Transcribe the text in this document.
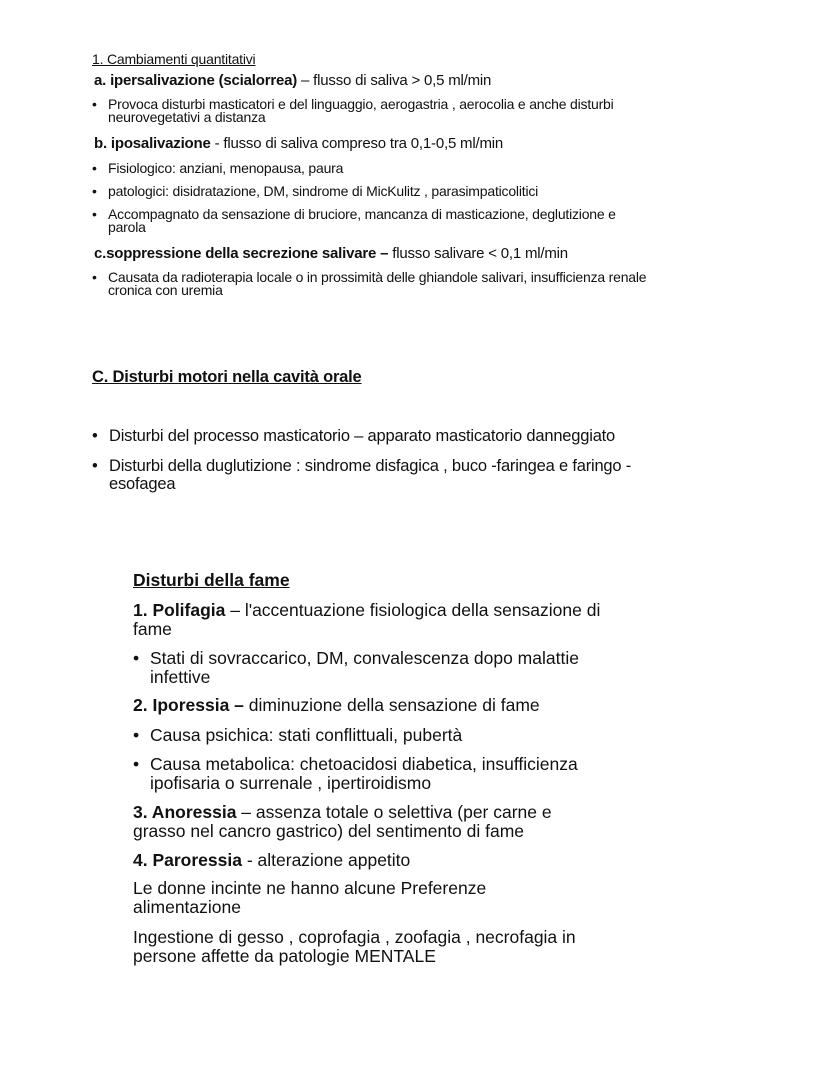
1. Cambiamenti quantitativi
a. ipersalivazione (scialorrea) – flusso di saliva > 0,5 ml/min
• Provoca disturbi masticatori e del linguaggio, aerogastria , aerocolia e anche disturbi
neurovegetativi a distanza
b. iposalivazione - flusso di saliva compreso tra 0,1-0,5 ml/min
• Fisiologico: anziani, menopausa, paura
• patologici: disidratazione, DM, sindrome di MicKulitz , parasimpaticolitici
• Accompagnato da sensazione di bruciore, mancanza di masticazione, deglutizione e
parola
c.soppressione della secrezione salivare – flusso salivare < 0,1 ml/min
• Causata da radioterapia locale o in prossimità delle ghiandole salivari, insufficienza renale
cronica con uremia
C. Disturbi motori nella cavità orale
• Disturbi del processo masticatorio – apparato masticatorio danneggiato
• Disturbi della duglutizione : sindrome disfagica , buco -faringea e faringo -
esofagea
Disturbi della fame
1. Polifagia – l'accentuazione fisiologica della sensazione di
fame
• Stati di sovraccarico, DM, convalescenza dopo malattie
infettive
2. Iporessia – diminuzione della sensazione di fame
• Causa psichica: stati conflittuali, pubertà
• Causa metabolica: chetoacidosi diabetica, insufficienza
ipofisaria o surrenale , ipertiroidismo
3. Anoressia – assenza totale o selettiva (per carne e
grasso nel cancro gastrico) del sentimento di fame
4. Paroressia - alterazione appetito
Le donne incinte ne hanno alcune Preferenze
alimentazione
Ingestione di gesso , coprofagia , zoofagia , necrofagia in
persone affette da patologie MENTALE
